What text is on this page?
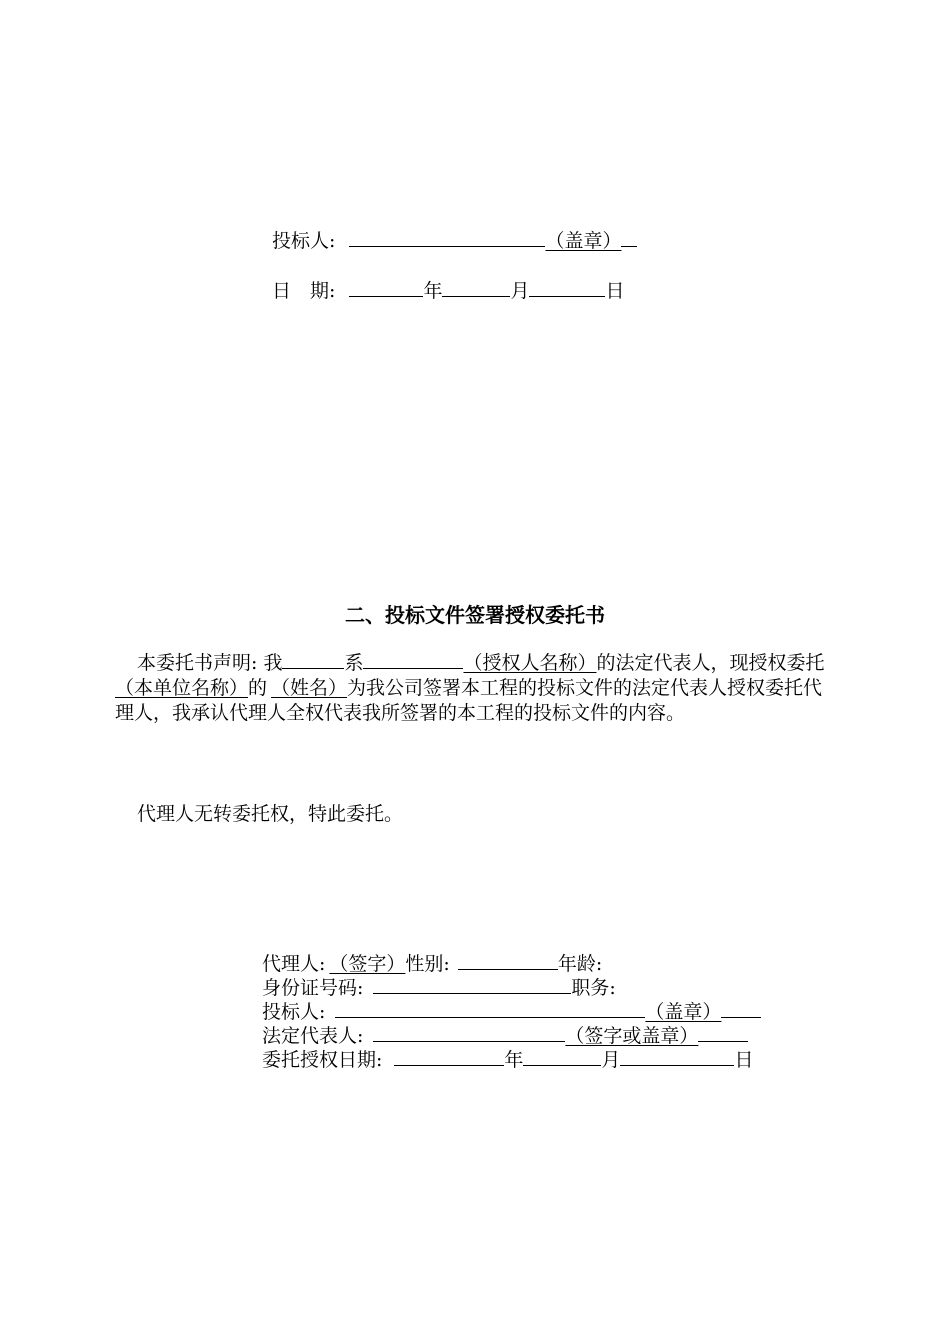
投标人:	（盖章）
日　期:	年	月	日
二、投标文件签署授权委托书
本委托书声明: 我	系	（授权人名称）的法定代表人，现授权委托（本单位名称）的 （姓名）为我公司签署本工程的投标文件的法定代表人授权委托代理人，我承认代理人全权代表我所签署的本工程的投标文件的内容。
代理人无转委托权，特此委托。
代理人: （签字）性别:	年龄:
身份证号码:	职务:
投标人:	（盖章）
法定代表人:	（签字或盖章）
委托授权日期:	年	月	日
